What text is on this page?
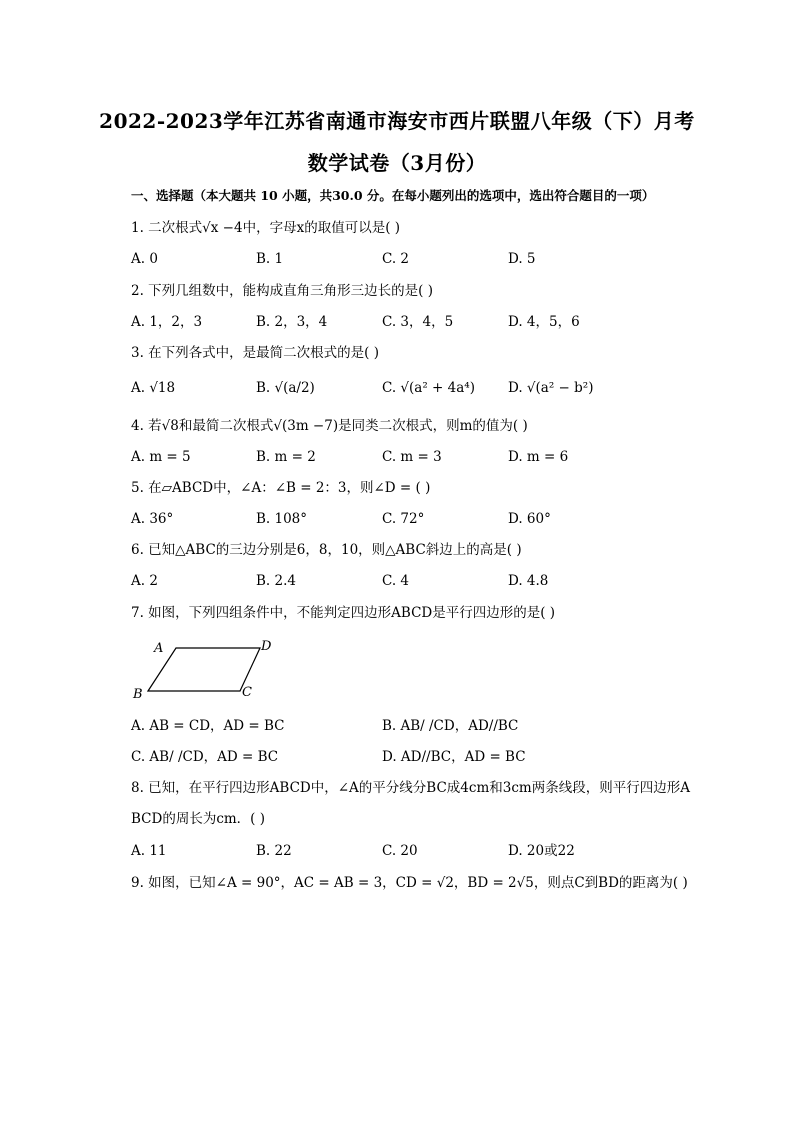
2022-2023学年江苏省南通市海安市西片联盟八年级（下）月考
数学试卷（3月份）
一、选择题（本大题共 10 小题，共30.0 分。在每小题列出的选项中，选出符合题目的一项）
1. 二次根式√x −4中，字母x的取值可以是( )
A. 0	B. 1	C. 2	D. 5
2. 下列几组数中，能构成直角三角形三边长的是( )
A. 1，2，3	B. 2，3，4	C. 3，4，5	D. 4，5，6
3. 在下列各式中，是最简二次根式的是( )
A. √18	B. √(a/2)	C. √(a² + 4a⁴) D. √(a² − b²)
4. 若√8和最简二次根式√(3m −7)是同类二次根式，则m的值为( )
A. m = 5	B. m = 2	C. m = 3	D. m = 6
5. 在▱ABCD中，∠A：∠B = 2：3，则∠D = ( )
A. 36°	B. 108°	C. 72°	D. 60°
6. 已知△ABC的三边分别是6，8，10，则△ABC斜边上的高是( )
A. 2	B. 2.4	C. 4	D. 4.8
7. 如图，下列四组条件中，不能判定四边形ABCD是平行四边形的是( )
A	D
B	C
A. AB = CD，AD = BC	B. AB/ /CD，AD//BC
C. AB/ /CD，AD = BC	D. AD//BC，AD = BC
8. 已知，在平行四边形ABCD中，∠A的平分线分BC成4cm和3cm两条线段，则平行四边形A
BCD的周长为cm．( )
A. 11	B. 22	C. 20	D. 20或22
9. 如图，已知∠A = 90°，AC = AB = 3，CD = √2，BD = 2√5，则点C到BD的距离为( )
